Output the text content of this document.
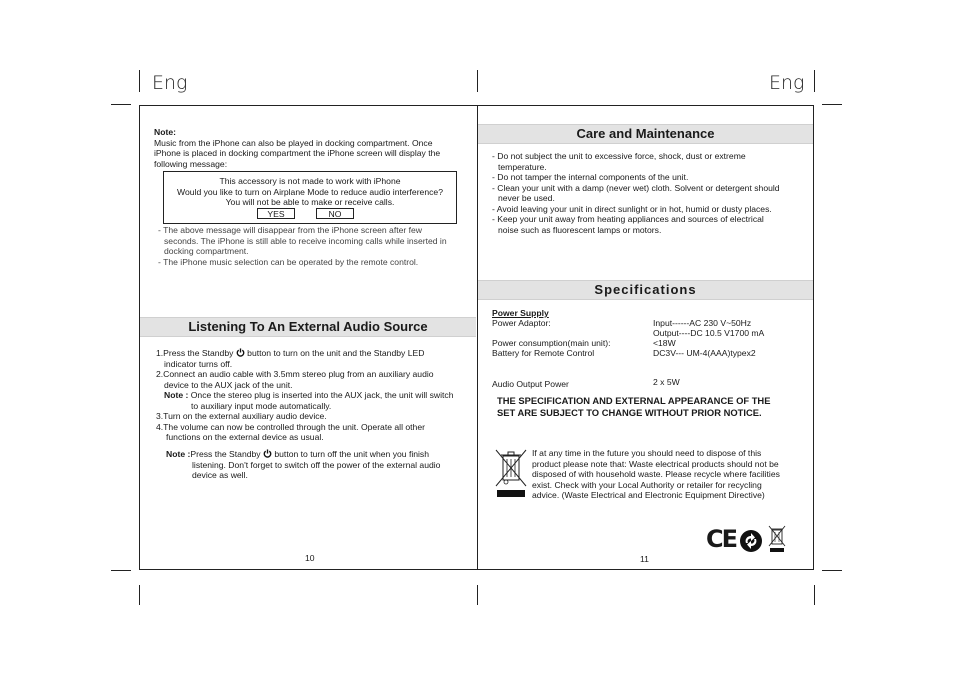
Eng	Eng
Note:
Music from the iPhone can also be played in docking compartment. Once
iPhone is placed in docking compartment the iPhone screen will display the
following message:
This accessory is not made to work with iPhone
Would you like to turn on Airplane Mode to reduce audio interference?
You will not be able to make or receive calls.
YES	NO
- The above message will disappear from the iPhone screen after few
seconds. The iPhone is still able to receive incoming calls while inserted in
docking compartment.
- The iPhone music selection can be operated by the remote control.
Listening To An External Audio Source
1.Press the Standby button to turn on the unit and the Standby LED
indicator turns off.
2.Connect an audio cable with 3.5mm stereo plug from an auxiliary audio
device to the AUX jack of the unit.
Note : Once the stereo plug is inserted into the AUX jack, the unit will switch
to auxiliary input mode automatically.
3.Turn on the external auxiliary audio device.
4.The volume can now be controlled through the unit. Operate all other
functions on the external device as usual.
Note :Press the Standby button to turn off the unit when you finish
listening. Don't forget to switch off the power of the external audio
device as well.
10
Care and Maintenance
- Do not subject the unit to excessive force, shock, dust or extreme
temperature.
- Do not tamper the internal components of the unit.
- Clean your unit with a damp (never wet) cloth. Solvent or detergent should
never be used.
- Avoid leaving your unit in direct sunlight or in hot, humid or dusty places.
- Keep your unit away from heating appliances and sources of electrical
noise such as fluorescent lamps or motors.
Specifications
Power Supply
Power Adaptor:	Input------AC 230 V~50Hz
Output----DC 10.5 V1700 mA
Power consumption(main unit):	<18W
Battery for Remote Control	DC3V--- UM-4(AAA)typex2
Audio Output Power	2 x 5W
THE SPECIFICATION AND EXTERNAL APPEARANCE OF THE
SET ARE SUBJECT TO CHANGE WITHOUT PRIOR NOTICE.
If at any time in the future you should need to dispose of this
product please note that: Waste electrical products should not be
disposed of with household waste. Please recycle where facilities
exist. Check with your Local Authority or retailer for recycling
advice. (Waste Electrical and Electronic Equipment Directive)
CE
11
